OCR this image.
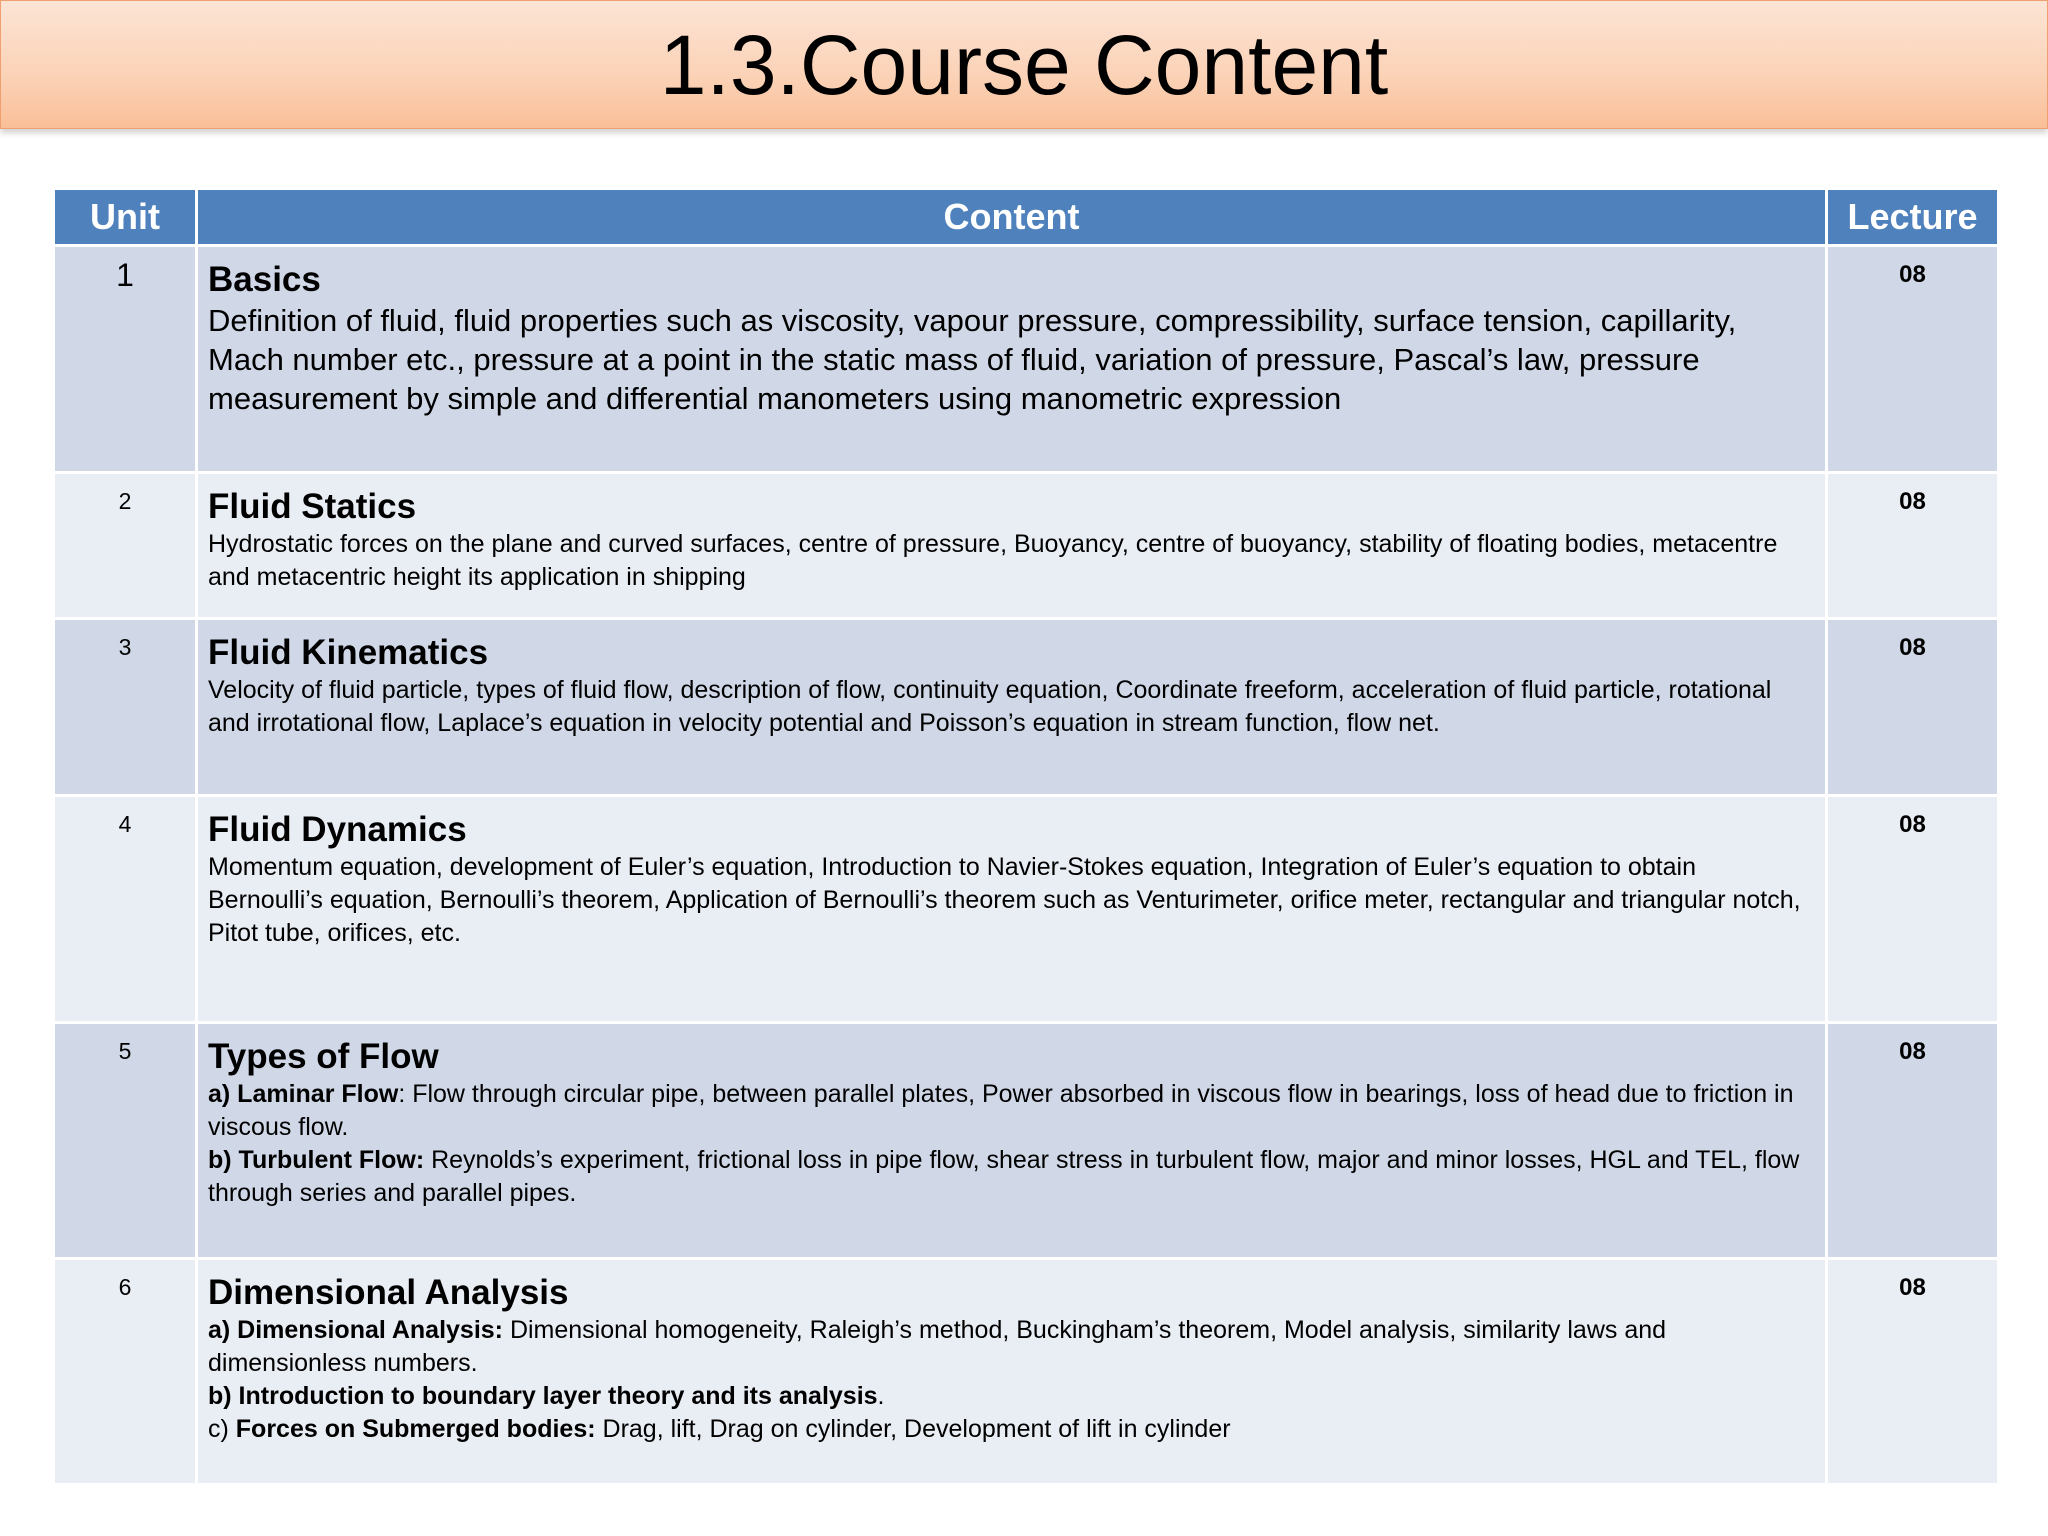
1.3.Course Content
Unit	Content	Lecture
1	Basics
Definition of fluid, fluid properties such as viscosity, vapour pressure, compressibility, surface tension, capillarity, Mach number etc., pressure at a point in the static mass of fluid, variation of pressure, Pascal’s law, pressure measurement by simple and differential manometers using manometric expression	08
2	Fluid Statics
Hydrostatic forces on the plane and curved surfaces, centre of pressure, Buoyancy, centre of buoyancy, stability of floating bodies, metacentre and metacentric height its application in shipping	08
3	Fluid Kinematics
Velocity of fluid particle, types of fluid flow, description of flow, continuity equation, Coordinate freeform, acceleration of fluid particle, rotational and irrotational flow, Laplace’s equation in velocity potential and Poisson’s equation in stream function, flow net.	08
4	Fluid Dynamics
Momentum equation, development of Euler’s equation, Introduction to Navier-Stokes equation, Integration of Euler’s equation to obtain Bernoulli’s equation, Bernoulli’s theorem, Application of Bernoulli’s theorem such as Venturimeter, orifice meter, rectangular and triangular notch, Pitot tube, orifices, etc.	08
5	Types of Flow
a) Laminar Flow: Flow through circular pipe, between parallel plates, Power absorbed in viscous flow in bearings, loss of head due to friction in viscous flow.
b) Turbulent Flow: Reynolds’s experiment, frictional loss in pipe flow, shear stress in turbulent flow, major and minor losses, HGL and TEL, flow through series and parallel pipes.	08
6	Dimensional Analysis
a) Dimensional Analysis: Dimensional homogeneity, Raleigh’s method, Buckingham’s theorem, Model analysis, similarity laws and dimensionless numbers.
b) Introduction to boundary layer theory and its analysis.
c) Forces on Submerged bodies: Drag, lift, Drag on cylinder, Development of lift in cylinder	08
